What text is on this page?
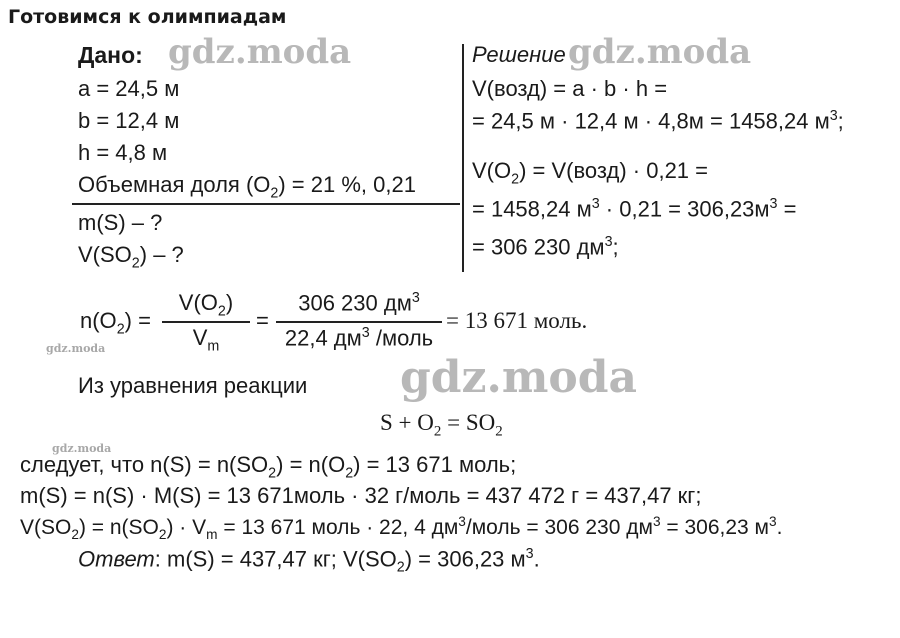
Готовимся к олимпиадам
Дано: gdz.moda
a = 24,5 м
b = 12,4 м
h = 4,8 м
Объемная доля $(O_2) = 21$ %, 0,21
m(S) – ?
$V(SO_2)$ – ?
Решение gdz.moda
V(возд) = a · b · h =
= 24,5 м · 12,4 м · 4,8м = 1458,24 $м^3$;
$V(O_2)$ = V(возд) · 0,21 =
= 1458,24 $м^3 \cdot 0,21 = 306,23м^3$ =
= 306 230 $дм^3$;
$n(O_2)$ =
$V(O_2)$
$V_m$
=
306 230 $дм^3$
22,4 $дм^3$ /моль
= 13 671 моль.
gdz.moda
Из уравнения реакции gdz.moda
$S + O_2 = SO_2$
gdz.moda
следует, что $n(S) = n(SO_2) = n(O_2) = 13$ 671 моль;
m(S) = n(S) · M(S) = 13 671моль · 32 г/моль = 437 472 г = 437,47 кг;
$V(SO_2) = n(SO_2) \cdot V_m = 13$ 671 моль · 22, 4 $дм^3$/моль = 306 230 $дм^3 = 306,23$ $м^3$.
Ответ: m(S) = 437,47 кг; $V(SO_2) = 306,23$ $м^3$.
